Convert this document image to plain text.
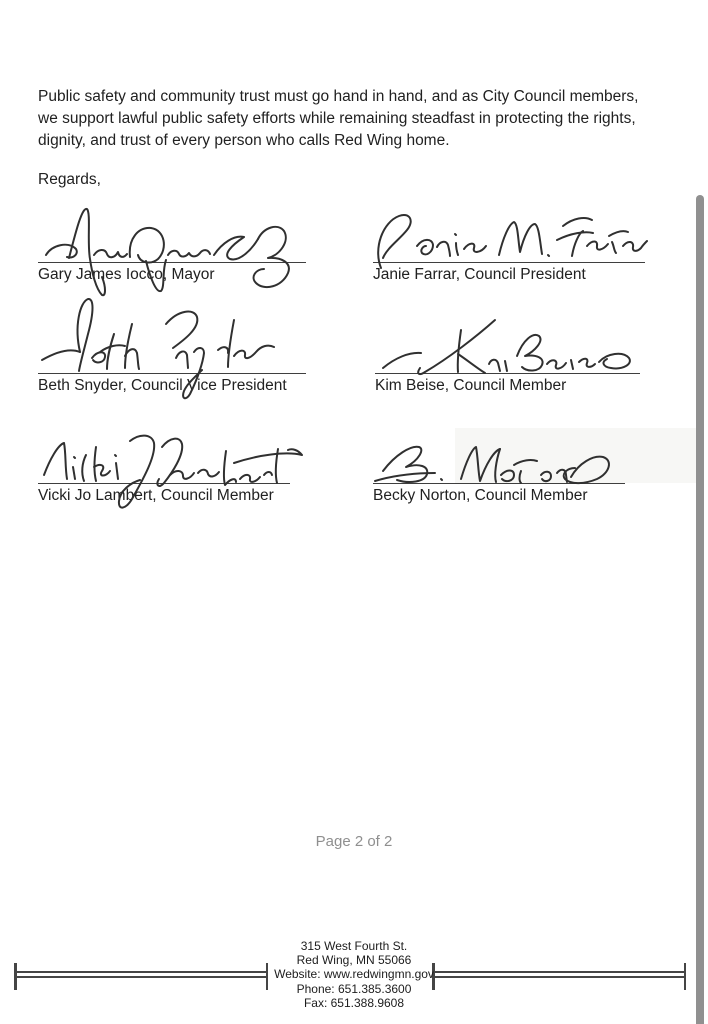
Public safety and community trust must go hand in hand, and as City Council members,
we support lawful public safety efforts while remaining steadfast in protecting the rights,
dignity, and trust of every person who calls Red Wing home.
Regards,
Gary James Iocco, Mayor	Janie Farrar, Council President
Beth Snyder, Council Vice President	Kim Beise, Council Member
Vicki Jo Lambert, Council Member	Becky Norton, Council Member
Page 2 of 2
315 West Fourth St.
Red Wing, MN 55066
Website: www.redwingmn.gov
Phone: 651.385.3600
Fax: 651.388.9608
